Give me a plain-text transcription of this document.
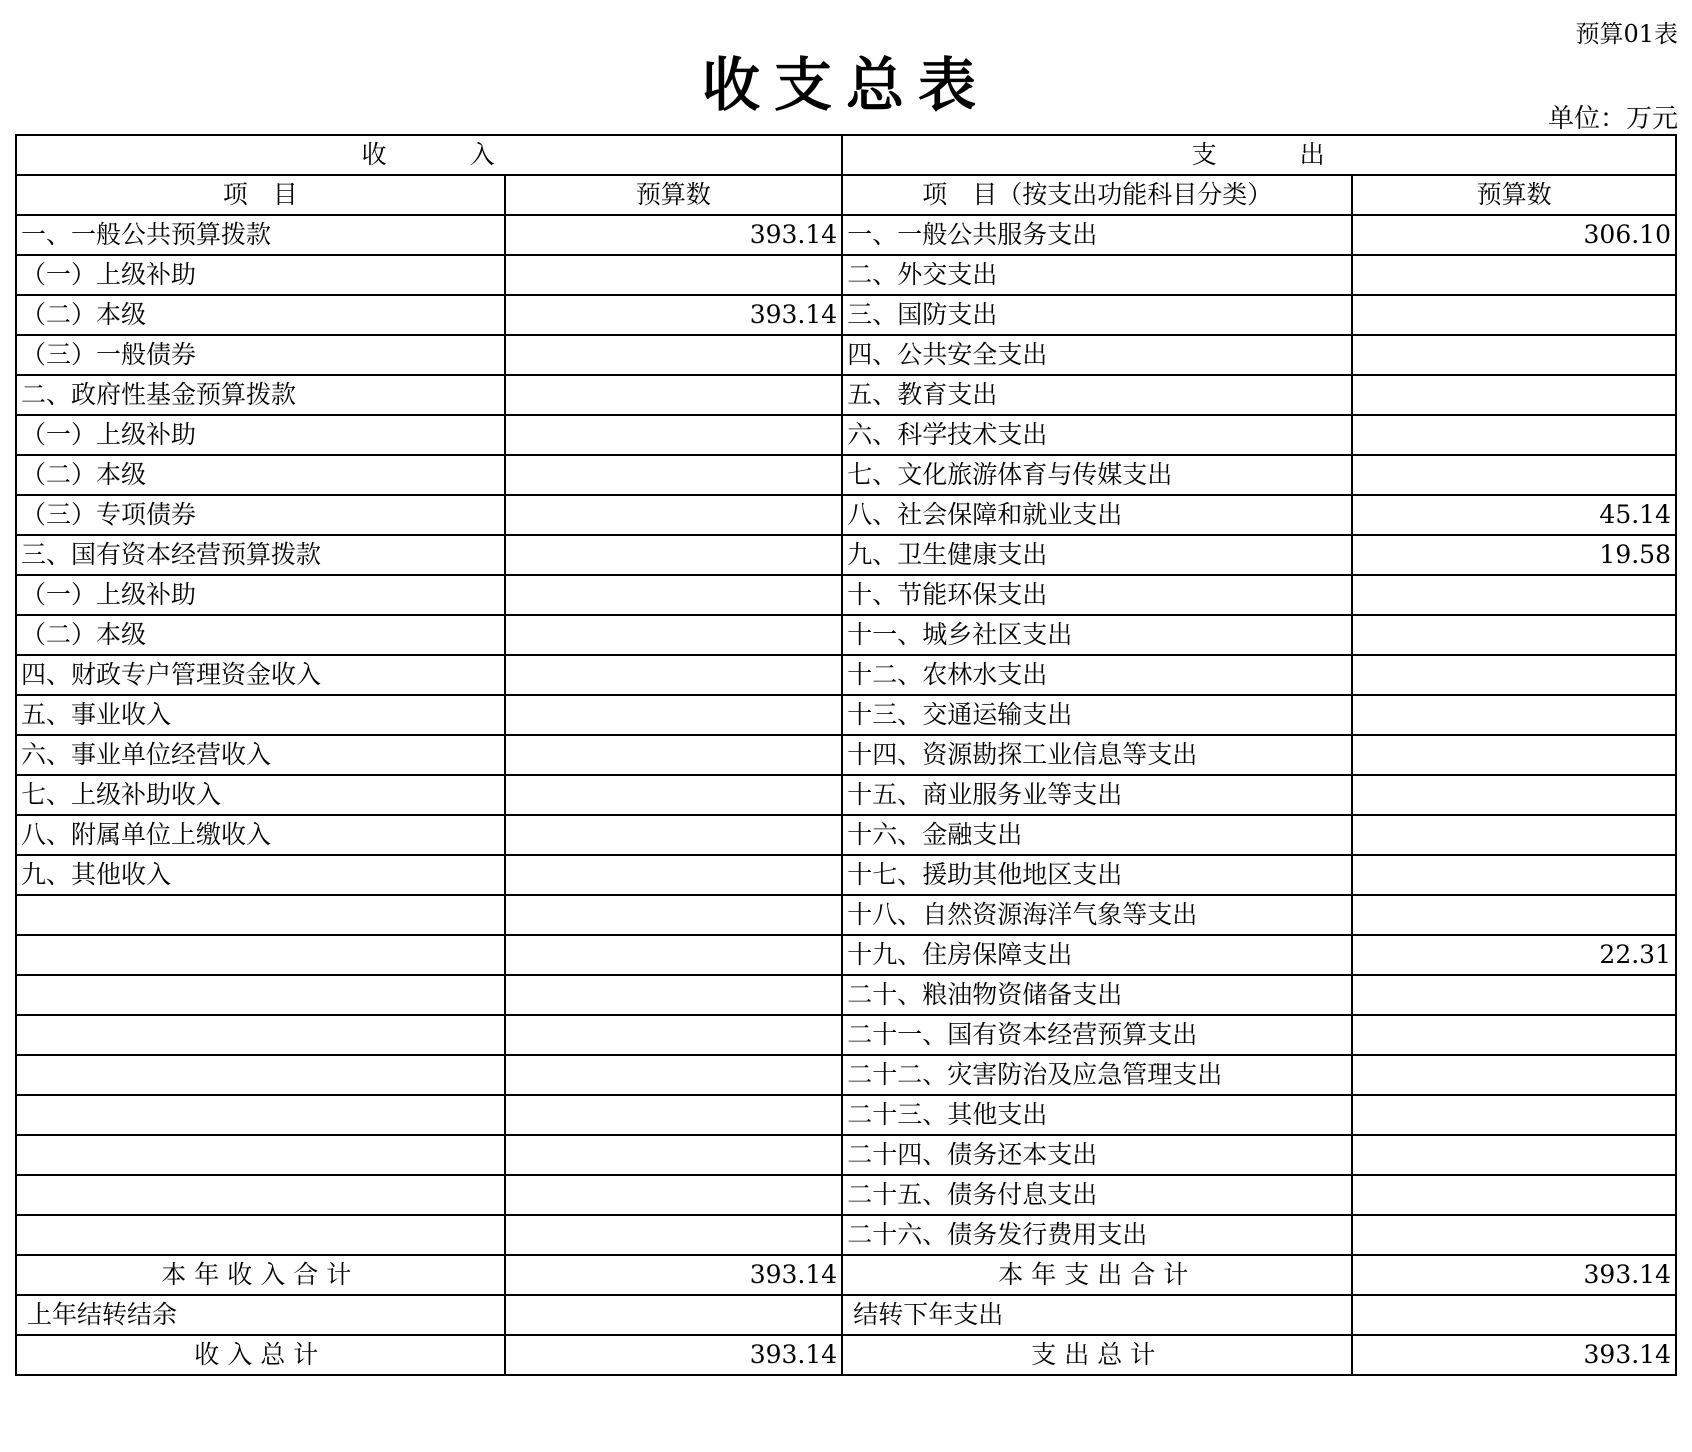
预算01表
收支总表	单位：万元
收　　　入		支　　　出	
项　目	预算数	项　目（按支出功能科目分类）	预算数
一、一般公共预算拨款	393.14	一、一般公共服务支出	306.10
（一）上级补助		二、外交支出	
（二）本级	393.14	三、国防支出	
（三）一般债券		四、公共安全支出	
二、政府性基金预算拨款		五、教育支出	
（一）上级补助		六、科学技术支出	
（二）本级		七、文化旅游体育与传媒支出	
（三）专项债券		八、社会保障和就业支出	45.14
三、国有资本经营预算拨款		九、卫生健康支出	19.58
（一）上级补助		十、节能环保支出	
（二）本级		十一、城乡社区支出	
四、财政专户管理资金收入		十二、农林水支出	
五、事业收入		十三、交通运输支出	
六、事业单位经营收入		十四、资源勘探工业信息等支出	
七、上级补助收入		十五、商业服务业等支出	
八、附属单位上缴收入		十六、金融支出	
九、其他收入		十七、援助其他地区支出	
		十八、自然资源海洋气象等支出	
		十九、住房保障支出	22.31
		二十、粮油物资储备支出	
		二十一、国有资本经营预算支出	
		二十二、灾害防治及应急管理支出	
		二十三、其他支出	
		二十四、债务还本支出	
		二十五、债务付息支出	
		二十六、债务发行费用支出	
本年收入合计	393.14	本年支出合计	393.14
上年结转结余		结转下年支出	
收入总计	393.14	支出总计	393.14
